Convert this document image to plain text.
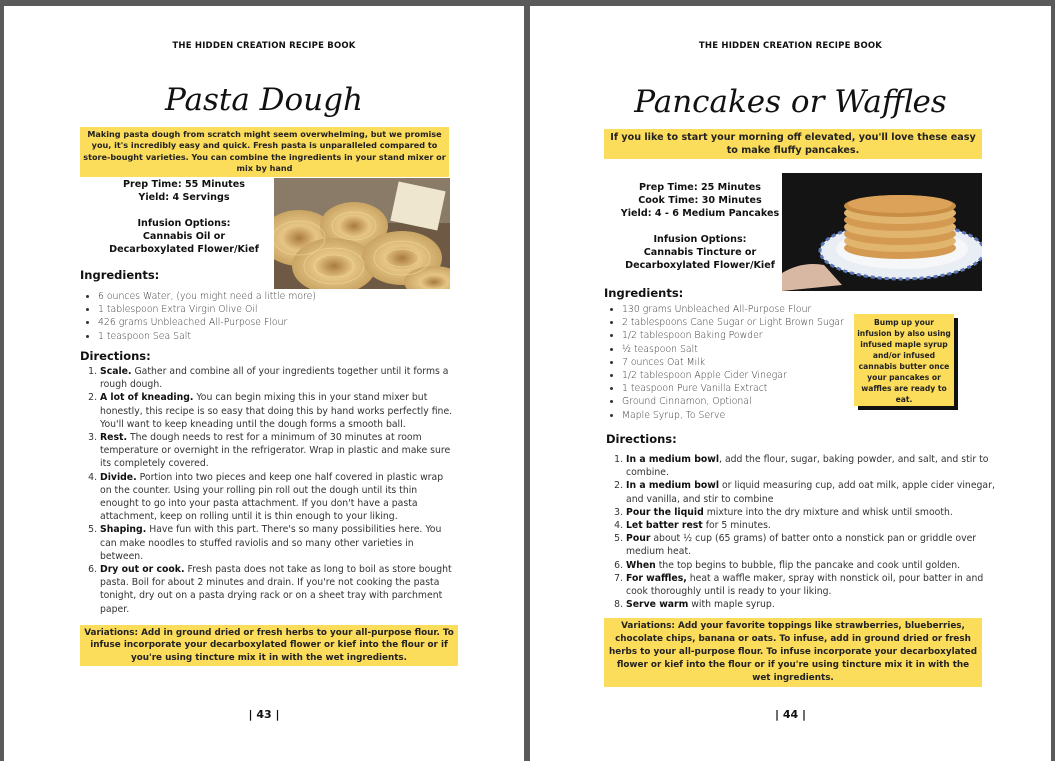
THE HIDDEN CREATION RECIPE BOOK
Pasta Dough
Making pasta dough from scratch might seem overwhelming, but we promise you, it's incredibly easy and quick. Fresh pasta is unparalleled compared to store-bought varieties. You can combine the ingredients in your stand mixer or mix by hand
Prep Time: 55 Minutes
Yield: 4 Servings
Infusion Options:
Cannabis Oil or
Decarboxylated Flower/Kief
Ingredients:
• 6 ounces Water, (you might need a little more)
• 1 tablespoon Extra Virgin Olive Oil
• 426 grams Unbleached All-Purpose Flour
• 1 teaspoon Sea Salt
Directions:
1. Scale. Gather and combine all of your ingredients together until it forms a rough dough.
2. A lot of kneading. You can begin mixing this in your stand mixer but honestly, this recipe is so easy that doing this by hand works perfectly fine. You'll want to keep kneading until the dough forms a smooth ball.
3. Rest. The dough needs to rest for a minimum of 30 minutes at room temperature or overnight in the refrigerator. Wrap in plastic and make sure its completely covered.
4. Divide. Portion into two pieces and keep one half covered in plastic wrap on the counter. Using your rolling pin roll out the dough until its thin enought to go into your pasta attachment. If you don't have a pasta attachment, keep on rolling until it is thin enough to your liking.
5. Shaping. Have fun with this part. There's so many possibilities here. You can make noodles to stuffed raviolis and so many other varieties in between.
6. Dry out or cook. Fresh pasta does not take as long to boil as store bought pasta. Boil for about 2 minutes and drain. If you're not cooking the pasta tonight, dry out on a pasta drying rack or on a sheet tray with parchment paper.
Variations: Add in ground dried or fresh herbs to your all-purpose flour. To infuse incorporate your decarboxylated flower or kief into the flour or if you're using tincture mix it in with the wet ingredients.
| 43 |
THE HIDDEN CREATION RECIPE BOOK
Pancakes or Waffles
If you like to start your morning off elevated, you'll love these easy to make fluffy pancakes.
Prep Time: 25 Minutes
Cook Time: 30 Minutes
Yield: 4 - 6 Medium Pancakes
Infusion Options:
Cannabis Tincture or
Decarboxylated Flower/Kief
Ingredients:
• 130 grams Unbleached All-Purpose Flour
• 2 tablespoons Cane Sugar or Light Brown Sugar
• 1/2 tablespoon Baking Powder
• ½ teaspoon Salt
• 7 ounces Oat Milk
• 1/2 tablespoon Apple Cider Vinegar
• 1 teaspoon Pure Vanilla Extract
• Ground Cinnamon, Optional
• Maple Syrup, To Serve
Bump up your infusion by also using infused maple syrup and/or infused cannabis butter once your pancakes or waffles are ready to eat.
Directions:
1. In a medium bowl, add the flour, sugar, baking powder, and salt, and stir to combine.
2. In a medium bowl or liquid measuring cup, add oat milk, apple cider vinegar, and vanilla, and stir to combine
3. Pour the liquid mixture into the dry mixture and whisk until smooth.
4. Let batter rest for 5 minutes.
5. Pour about ½ cup (65 grams) of batter onto a nonstick pan or griddle over medium heat.
6. When the top begins to bubble, flip the pancake and cook until golden.
7. For waffles, heat a waffle maker, spray with nonstick oil, pour batter in and cook thoroughly until is ready to your liking.
8. Serve warm with maple syrup.
Variations: Add your favorite toppings like strawberries, blueberries, chocolate chips, banana or oats. To infuse, add in ground dried or fresh herbs to your all-purpose flour. To infuse incorporate your decarboxylated flower or kief into the flour or if you're using tincture mix it in with the wet ingredients.
| 44 |
